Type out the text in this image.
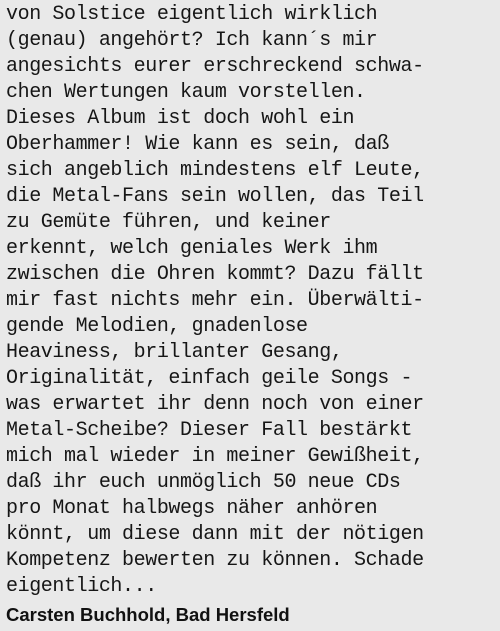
von Solstice eigentlich wirklich
(genau) angehört? Ich kann´s mir
angesichts eurer erschreckend schwa-
chen Wertungen kaum vorstellen.
Dieses Album ist doch wohl ein
Oberhammer! Wie kann es sein, daß
sich angeblich mindestens elf Leute,
die Metal-Fans sein wollen, das Teil
zu Gemüte führen, und keiner
erkennt, welch geniales Werk ihm
zwischen die Ohren kommt? Dazu fällt
mir fast nichts mehr ein. Überwälti-
gende Melodien, gnadenlose
Heaviness, brillanter Gesang,
Originalität, einfach geile Songs -
was erwartet ihr denn noch von einer
Metal-Scheibe? Dieser Fall bestärkt
mich mal wieder in meiner Gewißheit,
daß ihr euch unmöglich 50 neue CDs
pro Monat halbwegs näher anhören
könnt, um diese dann mit der nötigen
Kompetenz bewerten zu können. Schade
eigentlich...
Carsten Buchhold, Bad Hersfeld
